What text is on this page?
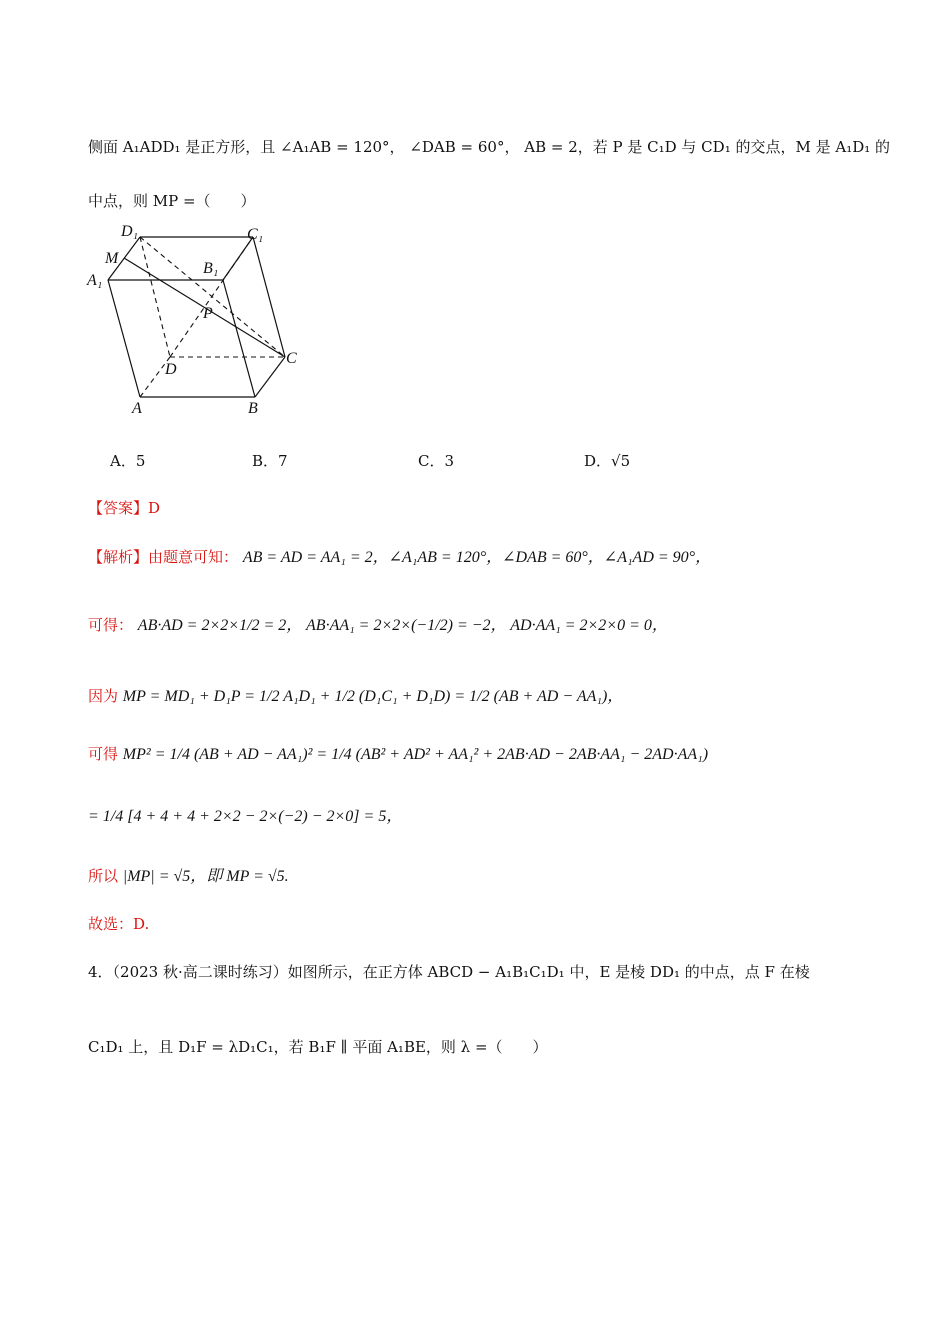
侧面 A₁ADD₁ 是正方形，且 ∠A₁AB = 120°， ∠DAB = 60°， AB = 2，若 P 是 C₁D 与 CD₁ 的交点，M 是 A₁D₁ 的
中点，则 MP =（　　）
D₁	C₁
M
B₁
A₁
P
D
C
A	B
A．5	B．7	C．3	D．√5
【答案】D
【解析】由题意可知： AB = AD = AA₁ = 2，∠A₁AB = 120°，∠DAB = 60°，∠A₁AD = 90°，
可得： AB·AD = 2×2×1/2 = 2， AB·AA₁ = 2×2×(−1/2) = −2， AD·AA₁ = 2×2×0 = 0，
因为 MP = MD₁ + D₁P = 1/2 A₁D₁ + 1/2 (D₁C₁ + D₁D) = 1/2 (AB + AD − AA₁)，
可得 MP² = 1/4 (AB + AD − AA₁)² = 1/4 (AB² + AD² + AA₁² + 2AB·AD − 2AB·AA₁ − 2AD·AA₁)
= 1/4 [4 + 4 + 4 + 2×2 − 2×(−2) − 2×0] = 5，
所以 |MP| = √5，即 MP = √5.
故选：D.
4．（2023 秋·高二课时练习）如图所示，在正方体 ABCD − A₁B₁C₁D₁ 中，E 是棱 DD₁ 的中点，点 F 在棱
C₁D₁ 上，且 D₁F = λD₁C₁，若 B₁F ∥ 平面 A₁BE，则 λ =（　　）
